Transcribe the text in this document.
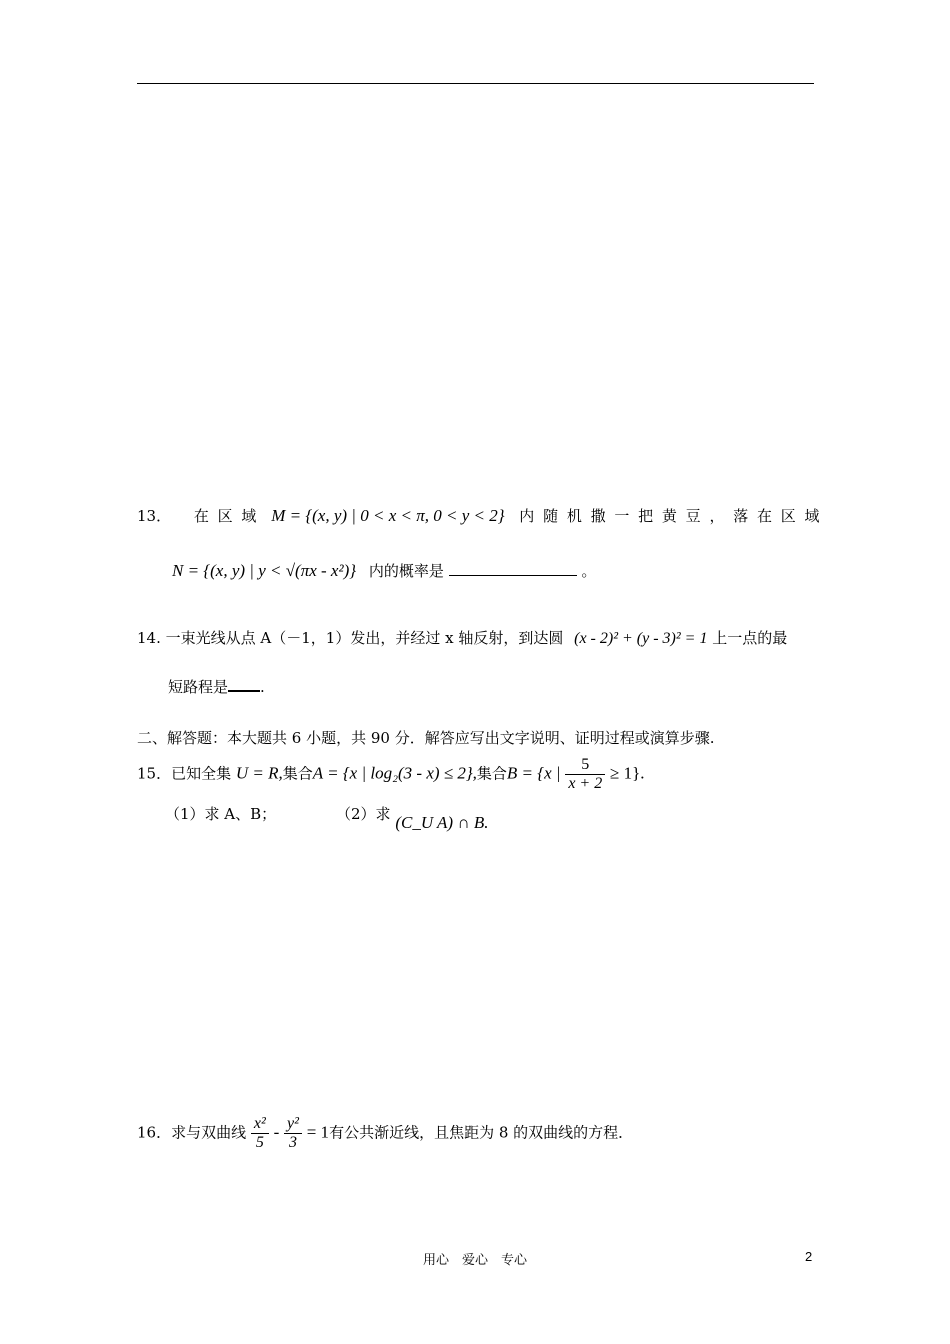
13． 在 区 域 M = {(x, y) | 0 < x < π, 0 < y < 2} 内 随 机 撒 一 把 黄 豆 ， 落 在 区 域
N = {(x, y) | y < √(πx - x²)} 内的概率是	。
14. 一束光线从点 A（－1，1）发出，并经过 x 轴反射，到达圆 (x - 2)² + (y - 3)² = 1 上一点的最
短路程是 .
二、解答题：本大题共 6 小题，共 90 分．解答应写出文字说明、证明过程或演算步骤.
15．已知全集 U = R,集合A = {x | log₂(3 - x) ≤ 2},集合B = {x | $\frac{5}{x + 2} \ge 1$}.
（1）求 A、B；	（2）求 (C_U A) ∩ B.
16．求与双曲线 $\frac{\text{x²}}{5} - \frac{\text{y²}}{3} = 1$有公共渐近线，且焦距为 8 的双曲线的方程．
用心　爱心　专心	2
